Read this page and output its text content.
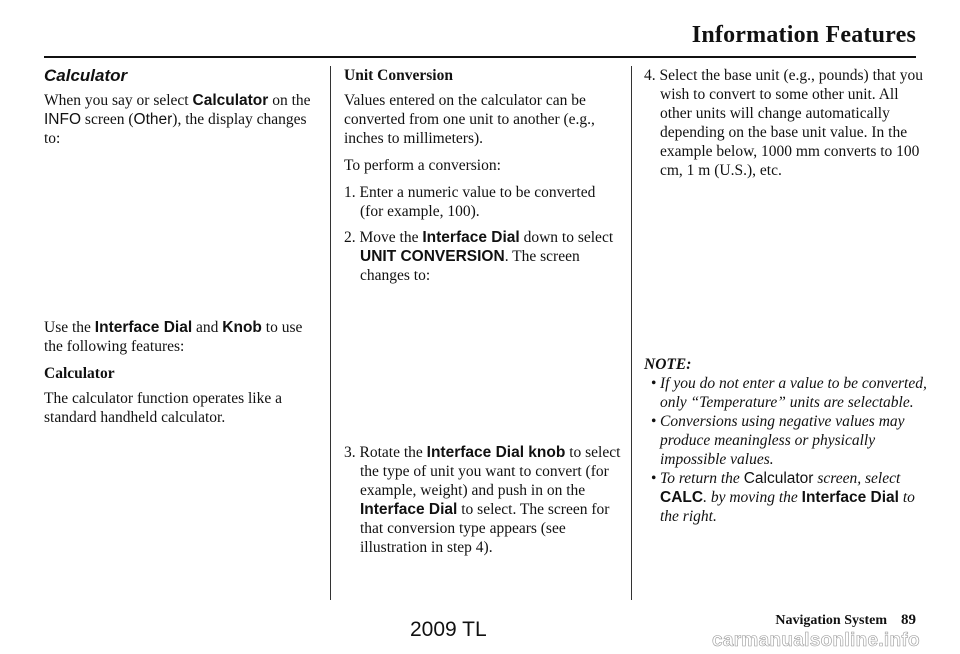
Information Features

Calculator

When you say or select Calculator on the INFO screen (Other), the display changes to:

Use the Interface Dial and Knob to use the following features:

Calculator

The calculator function operates like a standard handheld calculator.

Unit Conversion

Values entered on the calculator can be converted from one unit to another (e.g., inches to millimeters).

To perform a conversion:

1. Enter a numeric value to be converted (for example, 100).

2. Move the Interface Dial down to select UNIT CONVERSION. The screen changes to:

3. Rotate the Interface Dial knob to select the type of unit you want to convert (for example, weight) and push in on the Interface Dial to select. The screen for that conversion type appears (see illustration in step 4).

4. Select the base unit (e.g., pounds) that you wish to convert to some other unit. All other units will change automatically depending on the base unit value. In the example below, 1000 mm converts to 100 cm, 1 m (U.S.), etc.

NOTE:

• If you do not enter a value to be converted, only “Temperature” units are selectable.
• Conversions using negative values may produce meaningless or physically impossible values.
• To return the Calculator screen, select CALC. by moving the Interface Dial to the right.
Navigation System 89
2009 TL	carmanualsonline.info
